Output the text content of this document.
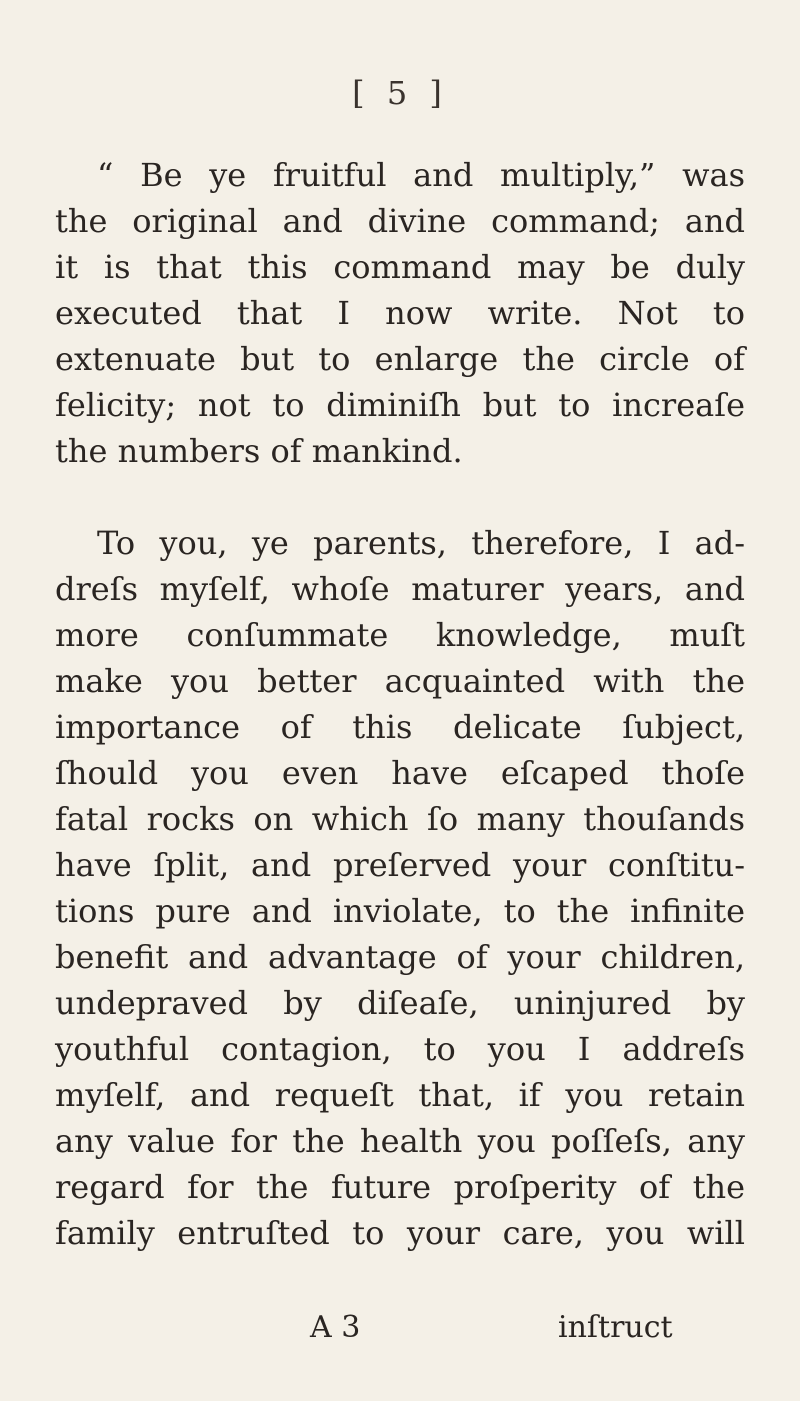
[ 5 ]
“ Be ye fruitful and multiply,” was
the original and divine command; and
it is that this command may be duly
executed that I now write. Not to
extenuate but to enlarge the circle of
felicity; not to diminiſh but to increaſe
the numbers of mankind.
To you, ye parents, therefore, I ad-
dreſs myſelf, whoſe maturer years, and
more conſummate knowledge, muſt
make you better acquainted with the
importance of this delicate ſubject,
ſhould you even have eſcaped thoſe
fatal rocks on which ſo many thouſands
have ſplit, and preſerved your conſtitu-
tions pure and inviolate, to the infinite
benefit and advantage of your children,
undepraved by diſeaſe, uninjured by
youthful contagion, to you I addreſs
myſelf, and requeſt that, if you retain
any value for the health you poſſeſs, any
regard for the future proſperity of the
family entruſted to your care, you will
A 3	inſtruct
